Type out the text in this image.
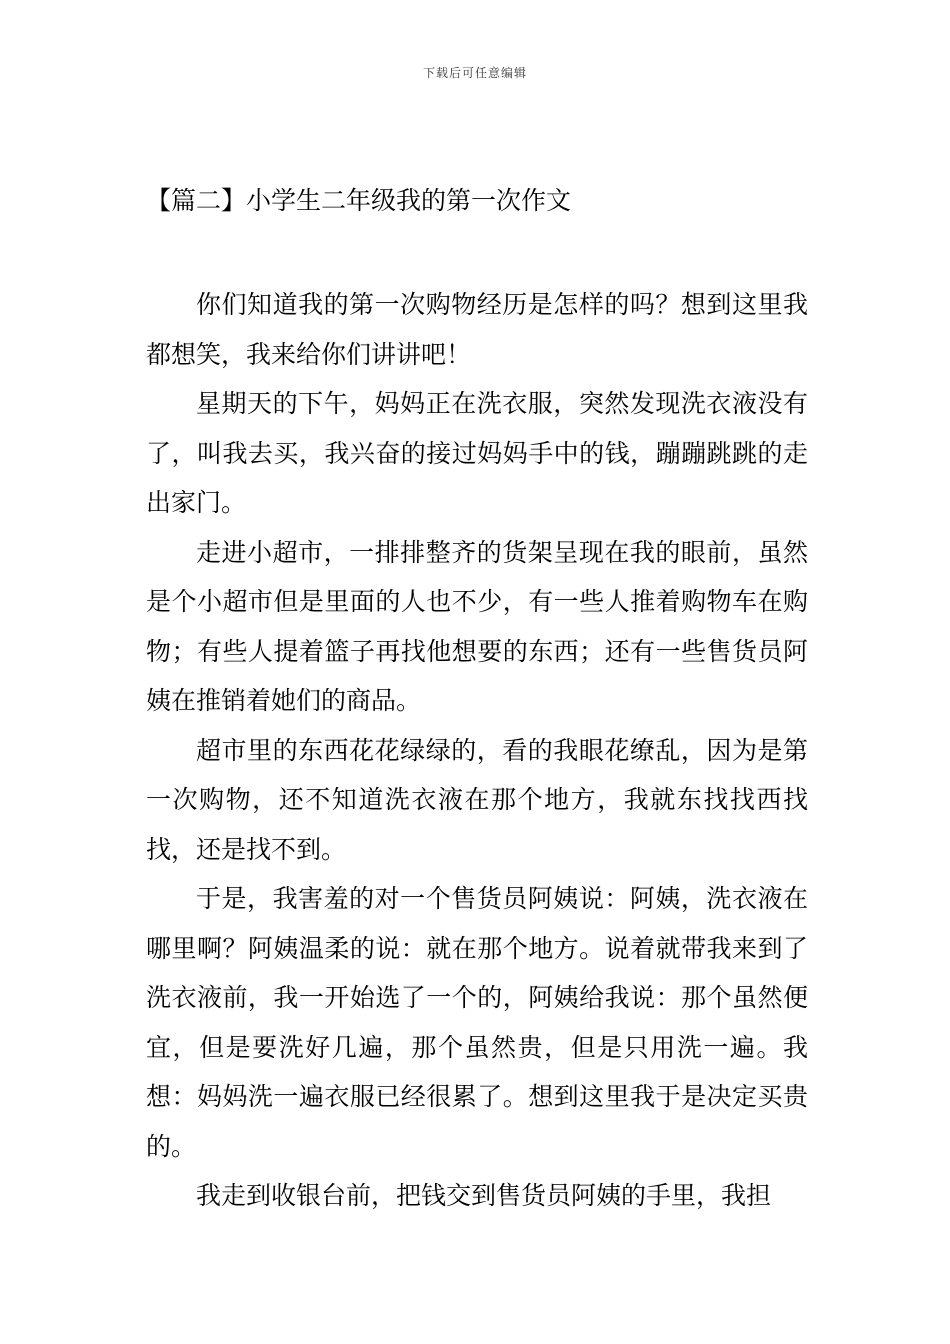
下载后可任意编辑
【篇二】小学生二年级我的第一次作文

你们知道我的第一次购物经历是怎样的吗？想到这里我都想笑，我来给你们讲讲吧！

星期天的下午，妈妈正在洗衣服，突然发现洗衣液没有了，叫我去买，我兴奋的接过妈妈手中的钱，蹦蹦跳跳的走出家门。

走进小超市，一排排整齐的货架呈现在我的眼前，虽然是个小超市但是里面的人也不少，有一些人推着购物车在购物；有些人提着篮子再找他想要的东西；还有一些售货员阿姨在推销着她们的商品。

超市里的东西花花绿绿的，看的我眼花缭乱，因为是第一次购物，还不知道洗衣液在那个地方，我就东找找西找找，还是找不到。

于是，我害羞的对一个售货员阿姨说：阿姨，洗衣液在哪里啊？阿姨温柔的说：就在那个地方。说着就带我来到了洗衣液前，我一开始选了一个的，阿姨给我说：那个虽然便宜，但是要洗好几遍，那个虽然贵，但是只用洗一遍。我想：妈妈洗一遍衣服已经很累了。想到这里我于是决定买贵的。

我走到收银台前，把钱交到售货员阿姨的手里，我担
